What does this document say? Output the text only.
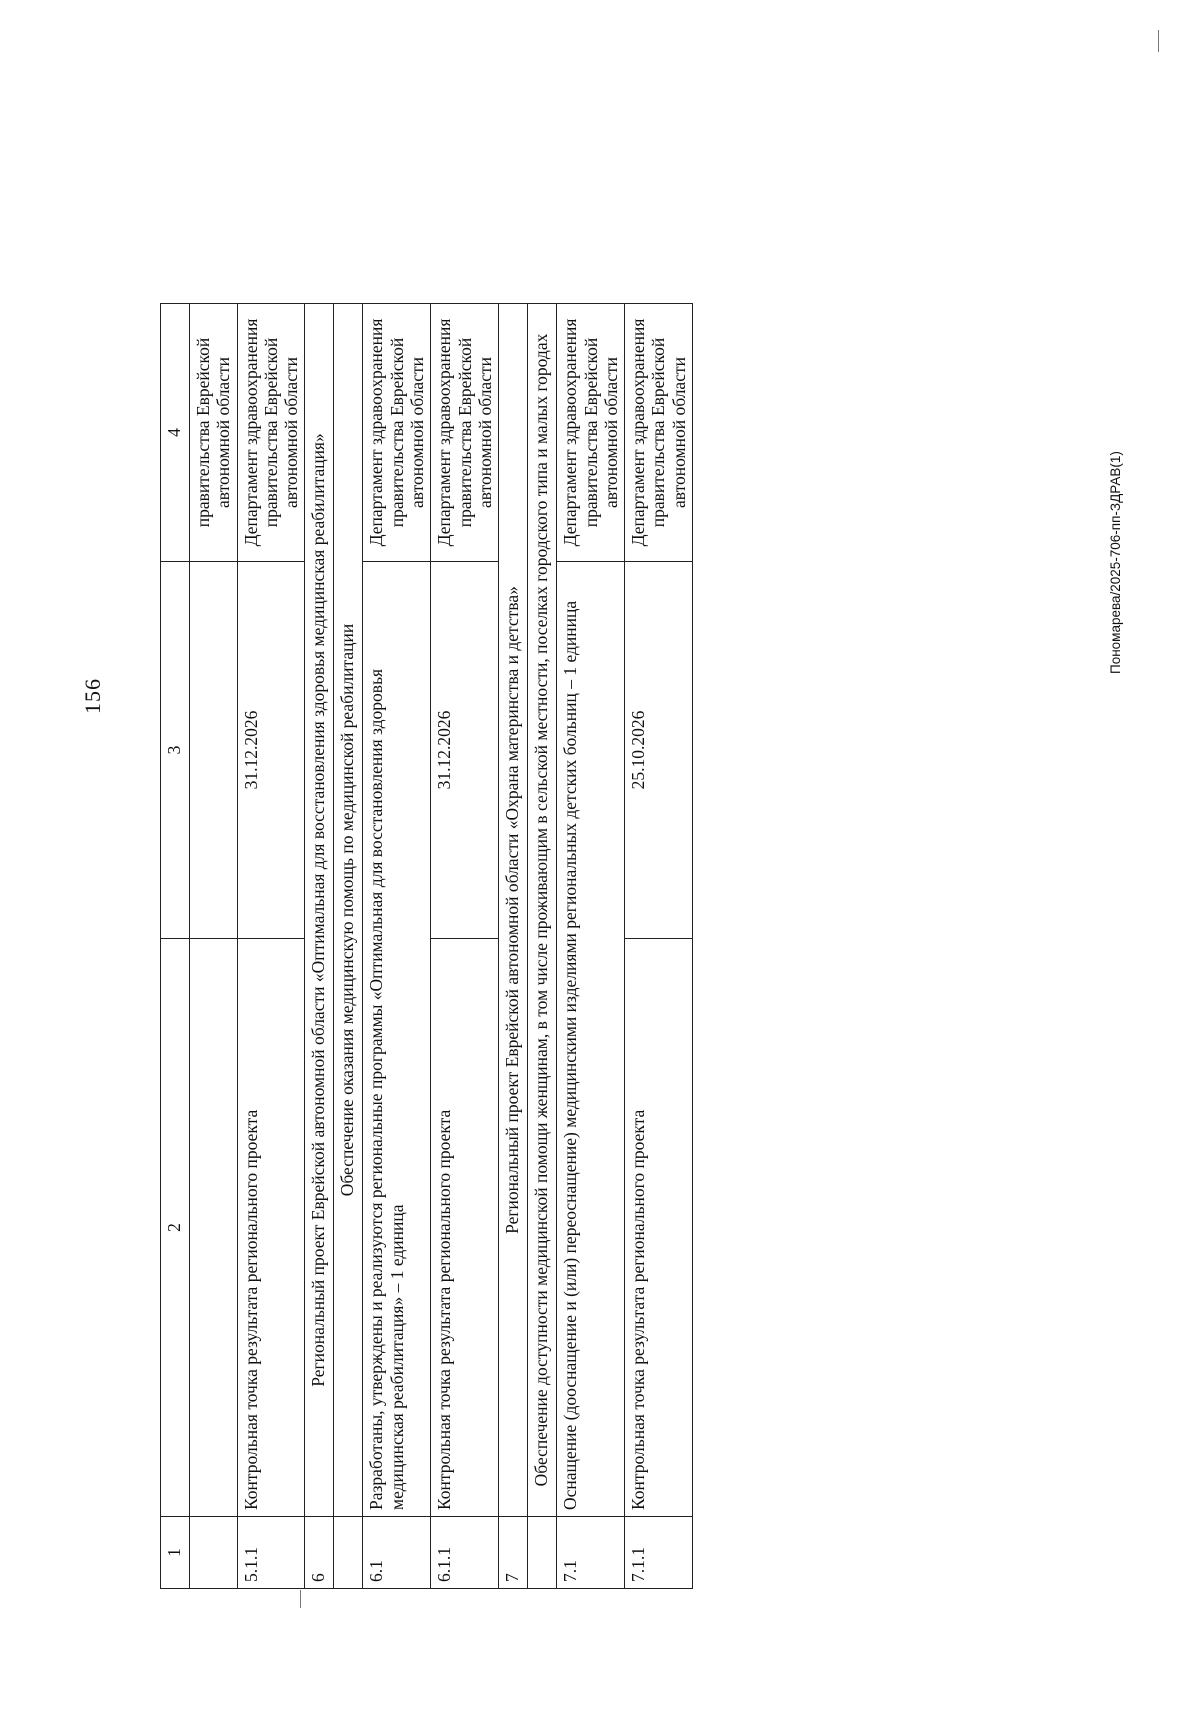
156
1	2	3	4
			правительства Еврейской автономной области
5.1.1	Контрольная точка результата регионального проекта	31.12.2026	Департамент здравоохранения правительства Еврейской автономной области
6	Региональный проект Еврейской автономной области «Оптимальная для восстановления здоровья медицинская реабилитация»		
	Обеспечение оказания медицинскую помощь по медицинской реабилитации		
6.1	Разработаны, утверждены и реализуются региональные программы «Оптимальная для восстановления здоровья медицинская реабилитация» – 1 единица		Департамент здравоохранения правительства Еврейской автономной области
6.1.1	Контрольная точка результата регионального проекта	31.12.2026	Департамент здравоохранения правительства Еврейской автономной области
7	Региональный проект Еврейской автономной области «Охрана материнства и детства»		
	Обеспечение доступности медицинской помощи женщинам, в том числе проживающим в сельской местности, поселках городского типа и малых городах		
7.1	Оснащение (дооснащение и (или) переоснащение) медицинскими изделиями региональных детских больниц – 1 единица		Департамент здравоохранения правительства Еврейской автономной области
7.1.1	Контрольная точка результата регионального проекта	25.10.2026	Департамент здравоохранения правительства Еврейской автономной области
Пономарева/2025-706-пп-ЗДРАВ(1)
